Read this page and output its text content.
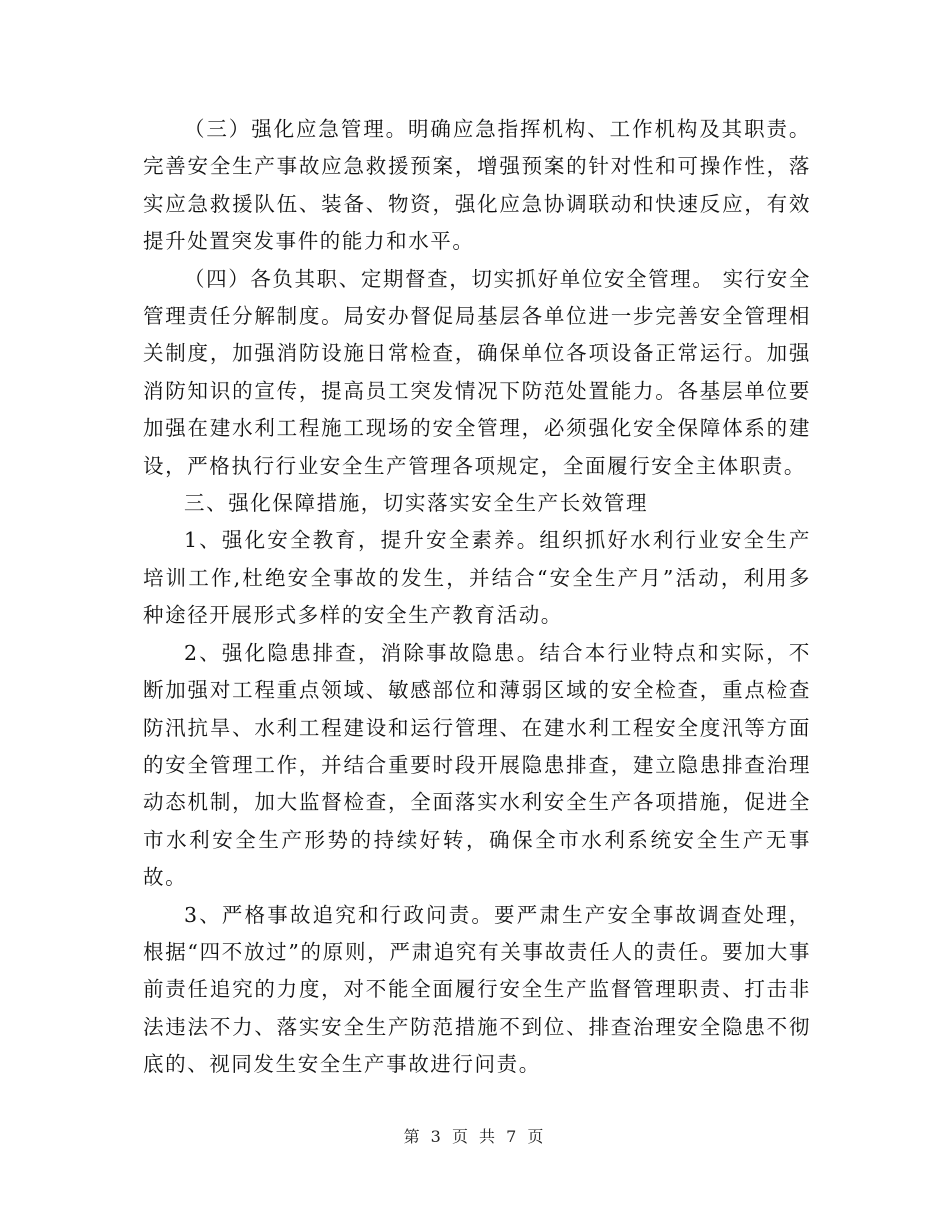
（三）强化应急管理。明确应急指挥机构、工作机构及其职责。完善安全生产事故应急救援预案，增强预案的针对性和可操作性，落实应急救援队伍、装备、物资，强化应急协调联动和快速反应，有效提升处置突发事件的能力和水平。

（四）各负其职、定期督查，切实抓好单位安全管理。 实行安全管理责任分解制度。局安办督促局基层各单位进一步完善安全管理相关制度，加强消防设施日常检查，确保单位各项设备正常运行。加强消防知识的宣传，提高员工突发情况下防范处置能力。各基层单位要加强在建水利工程施工现场的安全管理，必须强化安全保障体系的建设，严格执行行业安全生产管理各项规定，全面履行安全主体职责。

三、强化保障措施，切实落实安全生产长效管理

1、强化安全教育，提升安全素养。组织抓好水利行业安全生产培训工作,杜绝安全事故的发生，并结合“安全生产月”活动，利用多种途径开展形式多样的安全生产教育活动。

2、强化隐患排查，消除事故隐患。结合本行业特点和实际，不断加强对工程重点领域、敏感部位和薄弱区域的安全检查，重点检查防汛抗旱、水利工程建设和运行管理、在建水利工程安全度汛等方面的安全管理工作，并结合重要时段开展隐患排查，建立隐患排查治理动态机制，加大监督检查，全面落实水利安全生产各项措施，促进全市水利安全生产形势的持续好转，确保全市水利系统安全生产无事故。

3、严格事故追究和行政问责。要严肃生产安全事故调查处理，根据“四不放过”的原则，严肃追究有关事故责任人的责任。要加大事前责任追究的力度，对不能全面履行安全生产监督管理职责、打击非法违法不力、落实安全生产防范措施不到位、排查治理安全隐患不彻底的、视同发生安全生产事故进行问责。

第 3 页 共 7 页
